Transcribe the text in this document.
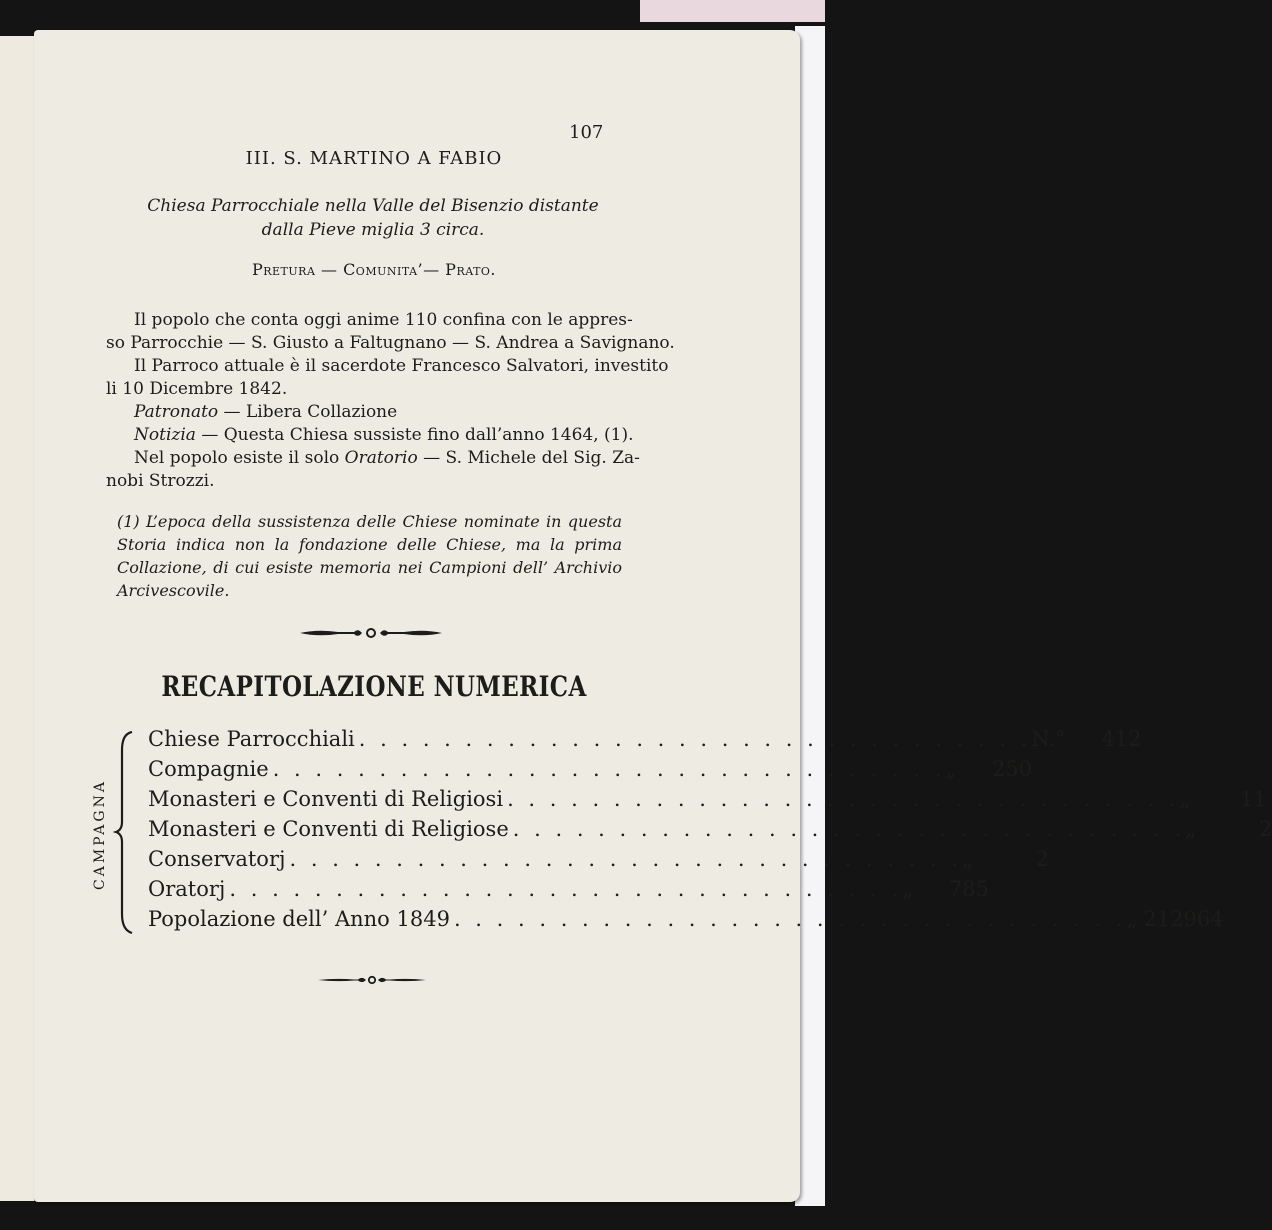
107
III. S. MARTINO A FABIO
Chiesa Parrocchiale nella Valle del Bisenzio distante
dalla Pieve miglia 3 circa.
Pretura — Comunita’— Prato.
Il popolo che conta oggi anime 110 confina con le appres-
so Parrocchie — S. Giusto a Faltugnano — S. Andrea a Savignano.
Il Parroco attuale è il sacerdote Francesco Salvatori, investito
li 10 Dicembre 1842.
Patronato — Libera Collazione
Notizia — Questa Chiesa sussiste fino dall’anno 1464, (1).
Nel popolo esiste il solo Oratorio — S. Michele del Sig. Za-
nobi Strozzi.
(1) L’epoca della sussistenza delle Chiese nominate in questa
Storia indica non la fondazione delle Chiese, ma la prima
Collazione, di cui esiste memoria nei Campioni dell’ Archivio
Arcivescovile.
RECAPITOLAZIONE NUMERICA
CAMPAGNA
Chiese Parrocchiali . . . . . . . . . . . . . . . . . . . . . . . . . . . . . . . . N.°	412
Compagnie . . . . . . . . . . . . . . . . . . . . . . . . . . . . . . . . „	250
Monasteri e Conventi di Religiosi . . . . . . . . . . . . . . . . . . . . . . . . . . . . . . . . „	11
Monasteri e Conventi di Religiose . . . . . . . . . . . . . . . . . . . . . . . . . . . . . . . . „	2
Conservatorj . . . . . . . . . . . . . . . . . . . . . . . . . . . . . . . . „	2
Oratorj . . . . . . . . . . . . . . . . . . . . . . . . . . . . . . . . „	785
Popolazione dell’ Anno 1849 . . . . . . . . . . . . . . . . . . . . . . . . . . . . . . . . „ 212964
